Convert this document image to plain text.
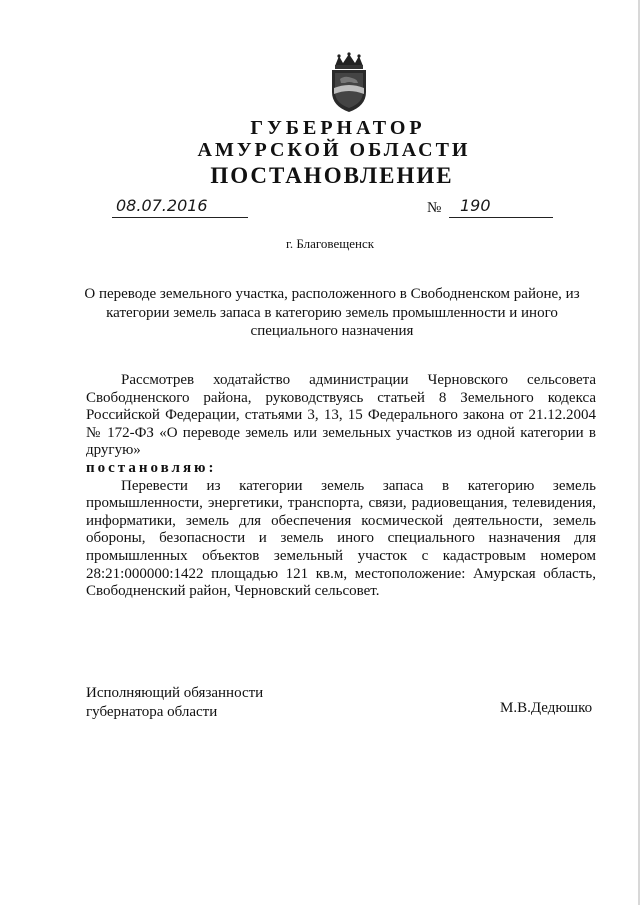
ГУБЕРНАТОР
АМУРСКОЙ ОБЛАСТИ
ПОСТАНОВЛЕНИЕ
08.07.2016	№ 190
г. Благовещенск
О переводе земельного участка, расположенного в Свободненском районе, из категории земель запаса в категорию земель промышленности и иного специального назначения

Рассмотрев ходатайство администрации Черновского сельсовета Свободненского района, руководствуясь статьей 8 Земельного кодекса Российской Федерации, статьями 3, 13, 15 Федерального закона от 21.12.2004 № 172-ФЗ «О переводе земель или земельных участков из одной категории в другую»

постановляю:

Перевести из категории земель запаса в категорию земель промышленности, энергетики, транспорта, связи, радиовещания, телевидения, информатики, земель для обеспечения космической деятельности, земель обороны, безопасности и земель иного специального назначения для промышленных объектов земельный участок с кадастровым номером 28:21:000000:1422 площадью 121 кв.м, местоположение: Амурская область, Свободненский район, Черновский сельсовет.

Исполняющий обязанности
губернатора области	М.В.Дедюшко
